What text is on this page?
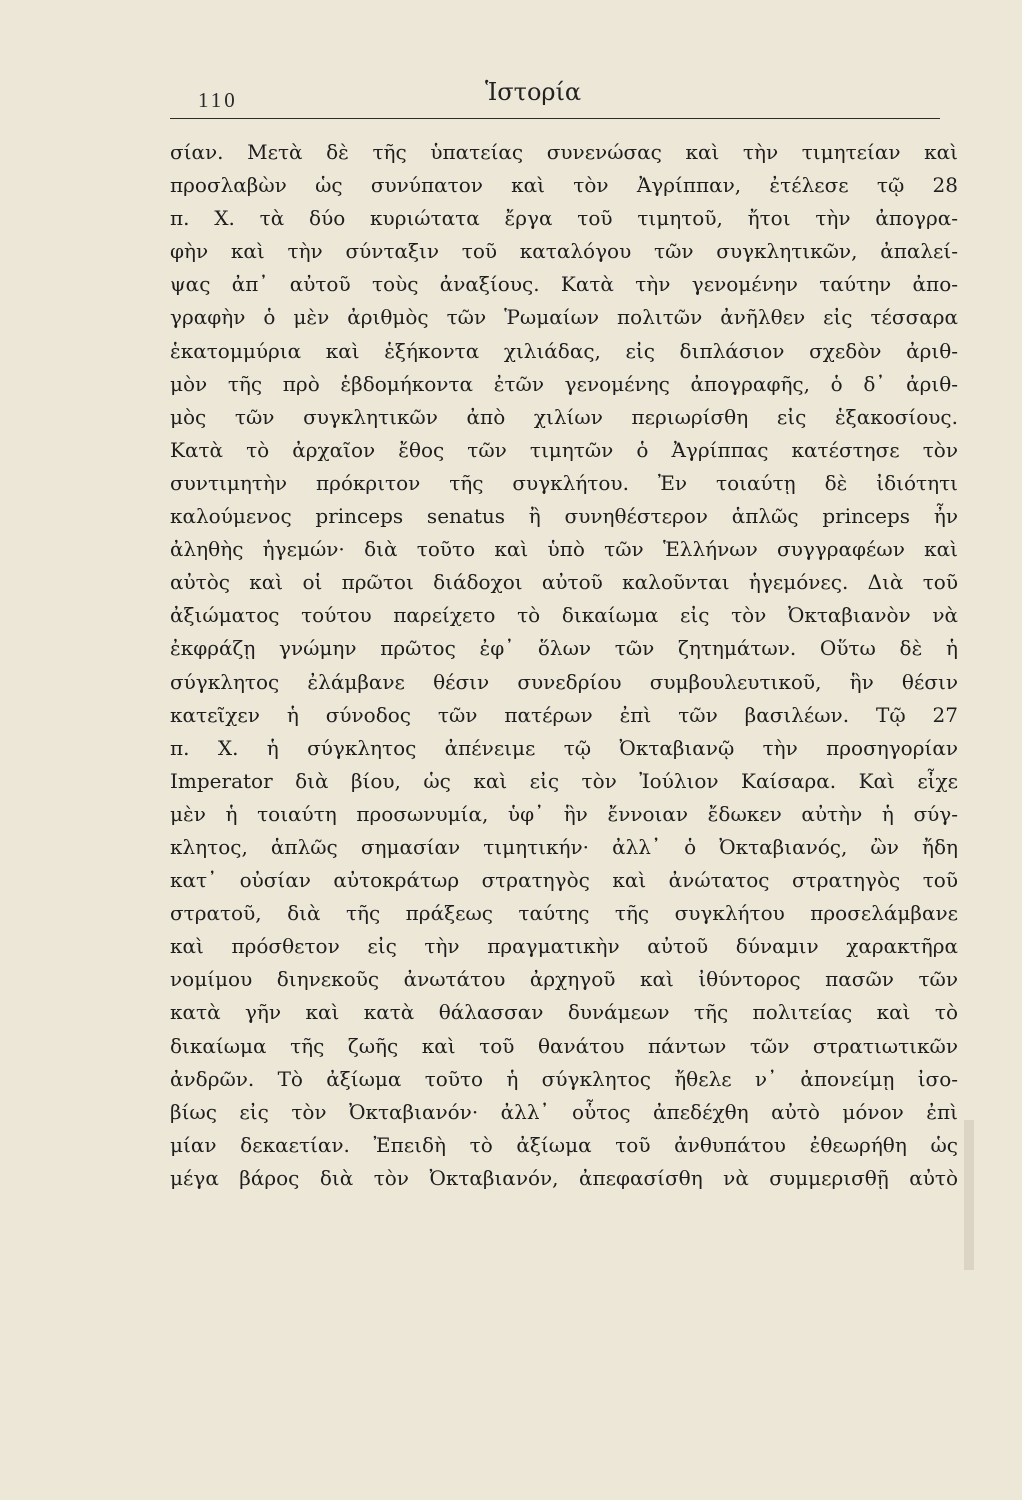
110	Ἱστορία
σίαν. Μετὰ δὲ τῆς ὑπατείας συνενώσας καὶ τὴν τιμητείαν καὶ
προσλαβὼν ὡς συνύπατον καὶ τὸν Ἀγρίππαν, ἐτέλεσε τῷ 28
π. Χ. τὰ δύο κυριώτατα ἔργα τοῦ τιμητοῦ, ἤτοι τὴν ἀπογρα-
φὴν καὶ τὴν σύνταξιν τοῦ καταλόγου τῶν συγκλητικῶν, ἀπαλεί-
ψας ἀπ᾽ αὐτοῦ τοὺς ἀναξίους. Κατὰ τὴν γενομένην ταύτην ἀπο-
γραφὴν ὁ μὲν ἀριθμὸς τῶν Ῥωμαίων πολιτῶν ἀνῆλθεν εἰς τέσσαρα
ἑκατομμύρια καὶ ἑξήκοντα χιλιάδας, εἰς διπλάσιον σχεδὸν ἀριθ-
μὸν τῆς πρὸ ἑβδομήκοντα ἐτῶν γενομένης ἀπογραφῆς, ὁ δ᾽ ἀριθ-
μὸς τῶν συγκλητικῶν ἀπὸ χιλίων περιωρίσθη εἰς ἑξακοσίους.
Κατὰ τὸ ἀρχαῖον ἔθος τῶν τιμητῶν ὁ Ἀγρίππας κατέστησε τὸν
συντιμητὴν πρόκριτον τῆς συγκλήτου. Ἐν τοιαύτῃ δὲ ἰδιότητι
καλούμενος princeps senatus ἢ συνηθέστερον ἁπλῶς princeps ἦν
ἀληθὴς ἡγεμών· διὰ τοῦτο καὶ ὑπὸ τῶν Ἑλλήνων συγγραφέων καὶ
αὐτὸς καὶ οἱ πρῶτοι διάδοχοι αὐτοῦ καλοῦνται ἡγεμόνες. Διὰ τοῦ
ἀξιώματος τούτου παρείχετο τὸ δικαίωμα εἰς τὸν Ὀκταβιανὸν νὰ
ἐκφράζῃ γνώμην πρῶτος ἐφ᾽ ὅλων τῶν ζητημάτων. Οὕτω δὲ ἡ
σύγκλητος ἐλάμβανε θέσιν συνεδρίου συμβουλευτικοῦ, ἣν θέσιν
κατεῖχεν ἡ σύνοδος τῶν πατέρων ἐπὶ τῶν βασιλέων. Τῷ 27
π. Χ. ἡ σύγκλητος ἀπένειμε τῷ Ὀκταβιανῷ τὴν προσηγορίαν
Imperator διὰ βίου, ὡς καὶ εἰς τὸν Ἰούλιον Καίσαρα. Καὶ εἶχε
μὲν ἡ τοιαύτη προσωνυμία, ὑφ᾽ ἣν ἔννοιαν ἔδωκεν αὐτὴν ἡ σύγ-
κλητος, ἁπλῶς σημασίαν τιμητικήν· ἀλλ᾽ ὁ Ὀκταβιανός, ὢν ἤδη
κατ᾽ οὐσίαν αὐτοκράτωρ στρατηγὸς καὶ ἀνώτατος στρατηγὸς τοῦ
στρατοῦ, διὰ τῆς πράξεως ταύτης τῆς συγκλήτου προσελάμβανε
καὶ πρόσθετον εἰς τὴν πραγματικὴν αὐτοῦ δύναμιν χαρακτῆρα
νομίμου διηνεκοῦς ἀνωτάτου ἀρχηγοῦ καὶ ἰθύντορος πασῶν τῶν
κατὰ γῆν καὶ κατὰ θάλασσαν δυνάμεων τῆς πολιτείας καὶ τὸ
δικαίωμα τῆς ζωῆς καὶ τοῦ θανάτου πάντων τῶν στρατιωτικῶν
ἀνδρῶν. Τὸ ἀξίωμα τοῦτο ἡ σύγκλητος ἤθελε ν᾽ ἀπονείμῃ ἰσο-
βίως εἰς τὸν Ὀκταβιανόν· ἀλλ᾽ οὗτος ἀπεδέχθη αὐτὸ μόνον ἐπὶ
μίαν δεκαετίαν. Ἐπειδὴ τὸ ἀξίωμα τοῦ ἀνθυπάτου ἐθεωρήθη ὡς
μέγα βάρος διὰ τὸν Ὀκταβιανόν, ἀπεφασίσθη νὰ συμμερισθῇ αὐτὸ
